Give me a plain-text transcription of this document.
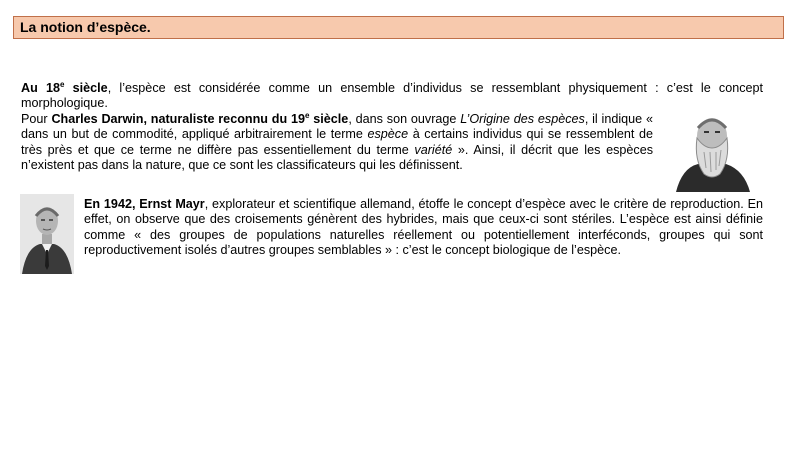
La notion d’espèce.
Au 18e siècle, l’espèce est considérée comme un ensemble d’individus se ressemblant physiquement : c’est le concept morphologique.
Pour Charles Darwin, naturaliste reconnu du 19e siècle, dans son ouvrage L’Origine des espèces, il indique « dans un but de commodité, appliqué arbitrairement le terme espèce à certains individus qui se ressemblent de très près et que ce terme ne diffère pas essentiellement du terme variété ». Ainsi, il décrit que les espèces n’existent pas dans la nature, que ce sont les classificateurs qui les définissent.
En 1942, Ernst Mayr, explorateur et scientifique allemand, étoffe le concept d’espèce avec le critère de reproduction. En effet, on observe que des croisements génèrent des hybrides, mais que ceux-ci sont stériles. L’espèce est ainsi définie comme « des groupes de populations naturelles réellement ou potentiellement interféconds, groupes qui sont reproductivement isolés d’autres groupes semblables » : c’est le concept biologique de l’espèce.
